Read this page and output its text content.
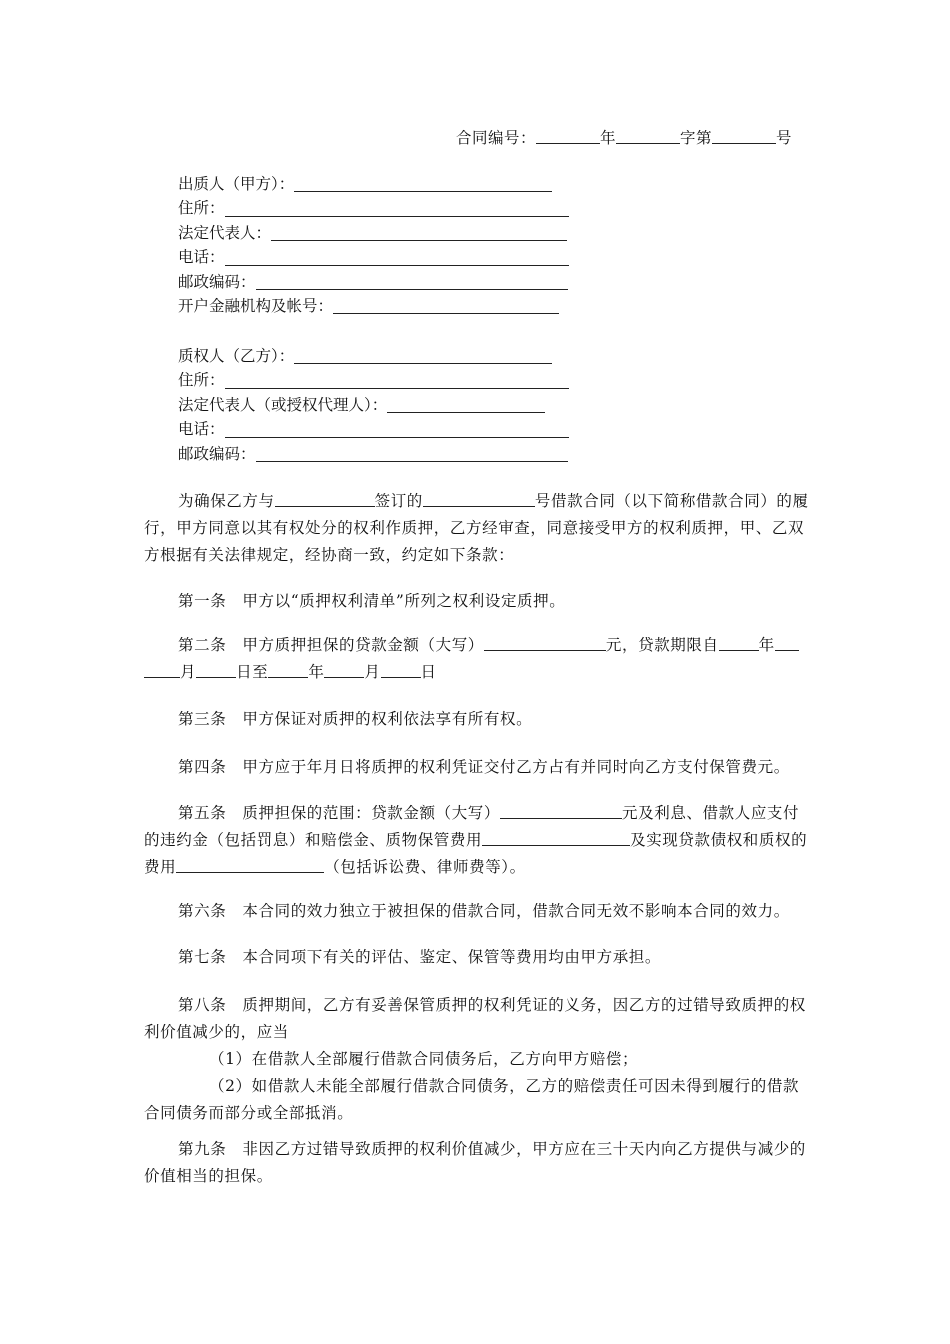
合同编号：	年	字第	号
出质人（甲方）：
住所：
法定代表人：
电话：
邮政编码：
开户金融机构及帐号：
质权人（乙方）：
住所：
法定代表人（或授权代理人）：
电话：
邮政编码：
为确保乙方与	签订的	号借款合同（以下简称借款合同）的履行，甲方同意以其有权处分的权利作质押，乙方经审查，同意接受甲方的权利质押，甲、乙双方根据有关法律规定，经协商一致，约定如下条款：
第一条　甲方以“质押权利清单”所列之权利设定质押。
第二条　甲方质押担保的贷款金额（大写）	元，贷款期限自	年月	日至	年	月	日
第三条　甲方保证对质押的权利依法享有所有权。
第四条　甲方应于年月日将质押的权利凭证交付乙方占有并同时向乙方支付保管费元。
第五条　质押担保的范围：贷款金额（大写）	元及利息、借款人应支付的违约金（包括罚息）和赔偿金、质物保管费用	及实现贷款债权和质权的费用	（包括诉讼费、律师费等）。
第六条　本合同的效力独立于被担保的借款合同，借款合同无效不影响本合同的效力。
第七条　本合同项下有关的评估、鉴定、保管等费用均由甲方承担。
第八条　质押期间，乙方有妥善保管质押的权利凭证的义务，因乙方的过错导致质押的权利价值减少的，应当
（1）在借款人全部履行借款合同债务后，乙方向甲方赔偿；
（2）如借款人未能全部履行借款合同债务，乙方的赔偿责任可因未得到履行的借款合同债务而部分或全部抵消。
第九条　非因乙方过错导致质押的权利价值减少，甲方应在三十天内向乙方提供与减少的价值相当的担保。
